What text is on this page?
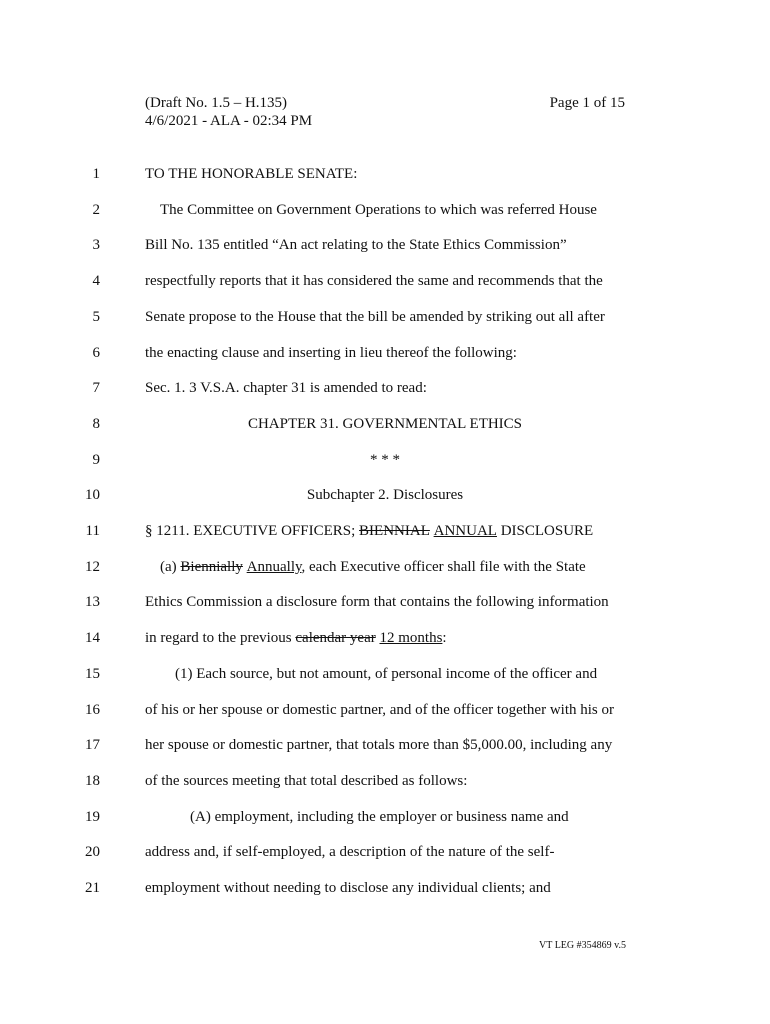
(Draft No. 1.5 – H.135)	Page 1 of 15
4/6/2021 - ALA - 02:34 PM
1	TO THE HONORABLE SENATE:
2	The Committee on Government Operations to which was referred House
3	Bill No. 135 entitled “An act relating to the State Ethics Commission”
4	respectfully reports that it has considered the same and recommends that the
5	Senate propose to the House that the bill be amended by striking out all after
6	the enacting clause and inserting in lieu thereof the following:
7	Sec. 1. 3 V.S.A. chapter 31 is amended to read:
8	CHAPTER 31. GOVERNMENTAL ETHICS
9	* * *
10	Subchapter 2. Disclosures
11	§ 1211. EXECUTIVE OFFICERS; BIENNIAL ANNUAL DISCLOSURE
12	(a) Biennially Annually, each Executive officer shall file with the State
13	Ethics Commission a disclosure form that contains the following information
14	in regard to the previous calendar year 12 months:
15	(1) Each source, but not amount, of personal income of the officer and
16	of his or her spouse or domestic partner, and of the officer together with his or
17	her spouse or domestic partner, that totals more than $5,000.00, including any
18	of the sources meeting that total described as follows:
19	(A) employment, including the employer or business name and
20	address and, if self-employed, a description of the nature of the self-
21	employment without needing to disclose any individual clients; and
VT LEG #354869 v.5
